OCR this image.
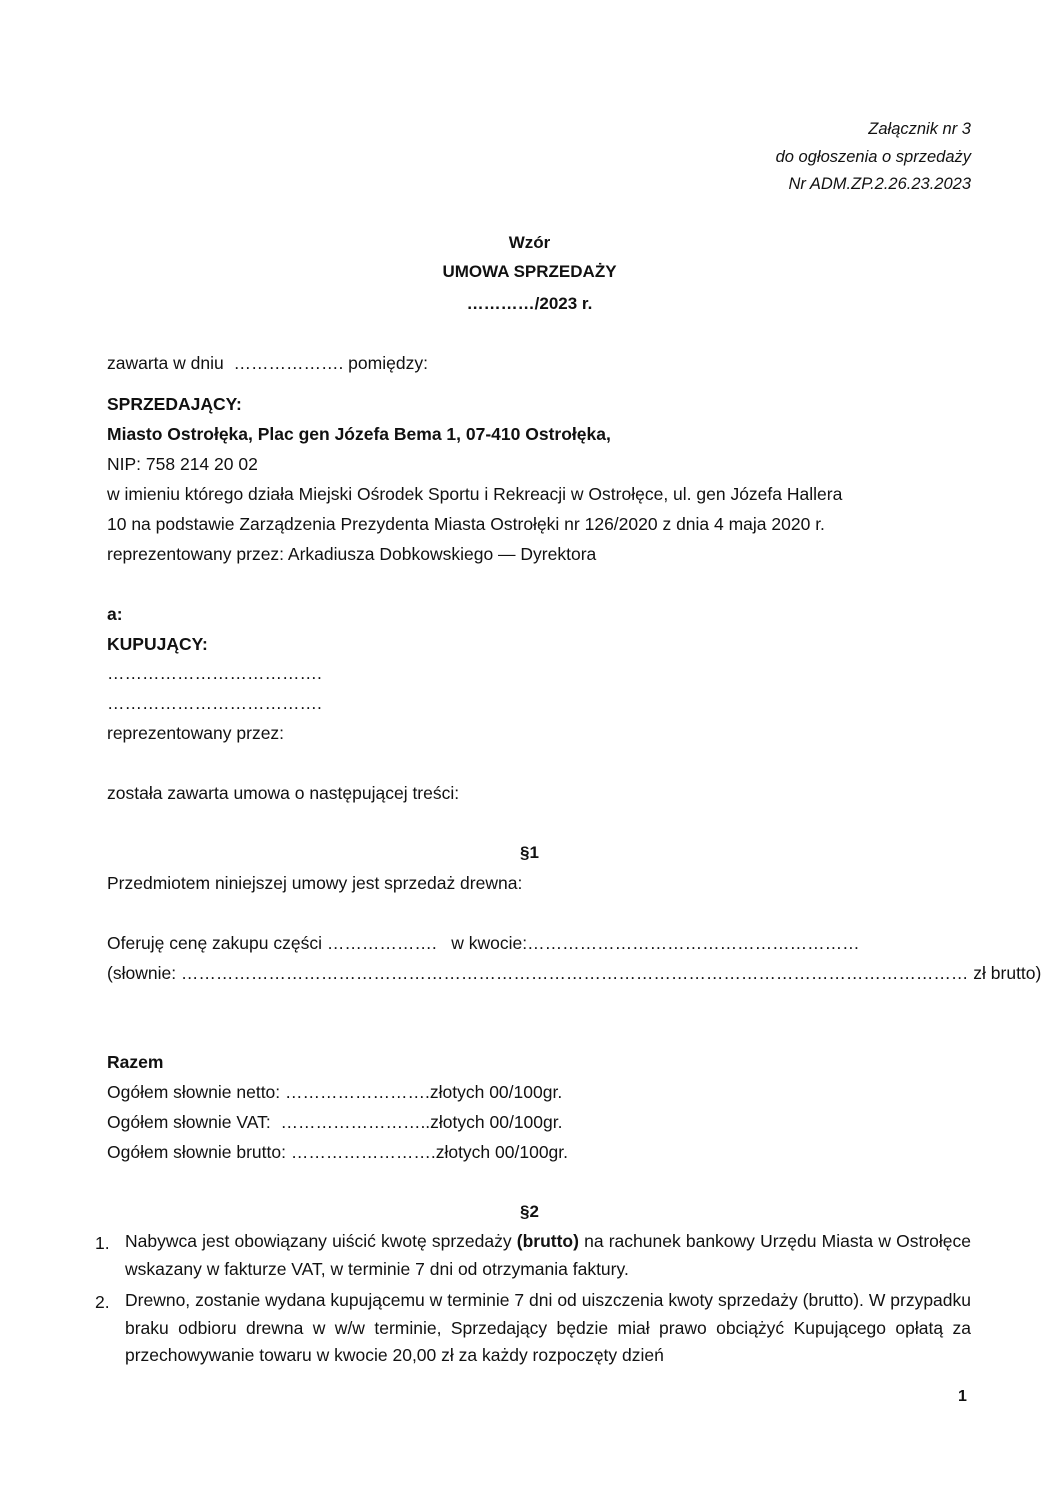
Załącznik nr 3
do ogłoszenia o sprzedaży
Nr ADM.ZP.2.26.23.2023
Wzór
UMOWA SPRZEDAŻY
…………/2023 r.
zawarta w dniu  ………………. pomiędzy:
SPRZEDAJĄCY:
Miasto Ostrołęka, Plac gen Józefa Bema 1, 07-410 Ostrołęka,
NIP: 758 214 20 02
w imieniu którego działa Miejski Ośrodek Sportu i Rekreacji w Ostrołęce, ul. gen Józefa Hallera
10 na podstawie Zarządzenia Prezydenta Miasta Ostrołęki nr 126/2020 z dnia 4 maja 2020 r.
reprezentowany przez: Arkadiusza Dobkowskiego — Dyrektora
a:
KUPUJĄCY:
……………………………….
……………………………….
reprezentowany przez:
została zawarta umowa o następującej treści:
§1
Przedmiotem niniejszej umowy jest sprzedaż drewna:
Oferuję cenę zakupu części ……………….   w kwocie:…………………………………………………
(słownie: ……………………………………………………………………………………………………………………… zł brutto)
Razem
Ogółem słownie netto: …………………….złotych 00/100gr.
Ogółem słownie VAT:  ……………………..złotych 00/100gr.
Ogółem słownie brutto: …………………….złotych 00/100gr.
§2
1. Nabywca jest obowiązany uiścić kwotę sprzedaży (brutto) na rachunek bankowy Urzędu Miasta w Ostrołęce wskazany w fakturze VAT, w terminie 7 dni od otrzymania faktury.
2. Drewno, zostanie wydana kupującemu w terminie 7 dni od uiszczenia kwoty sprzedaży (brutto). W przypadku braku odbioru drewna w w/w terminie, Sprzedający będzie miał prawo obciążyć Kupującego opłatą za przechowywanie towaru w kwocie 20,00 zł za każdy rozpoczęty dzień
1
